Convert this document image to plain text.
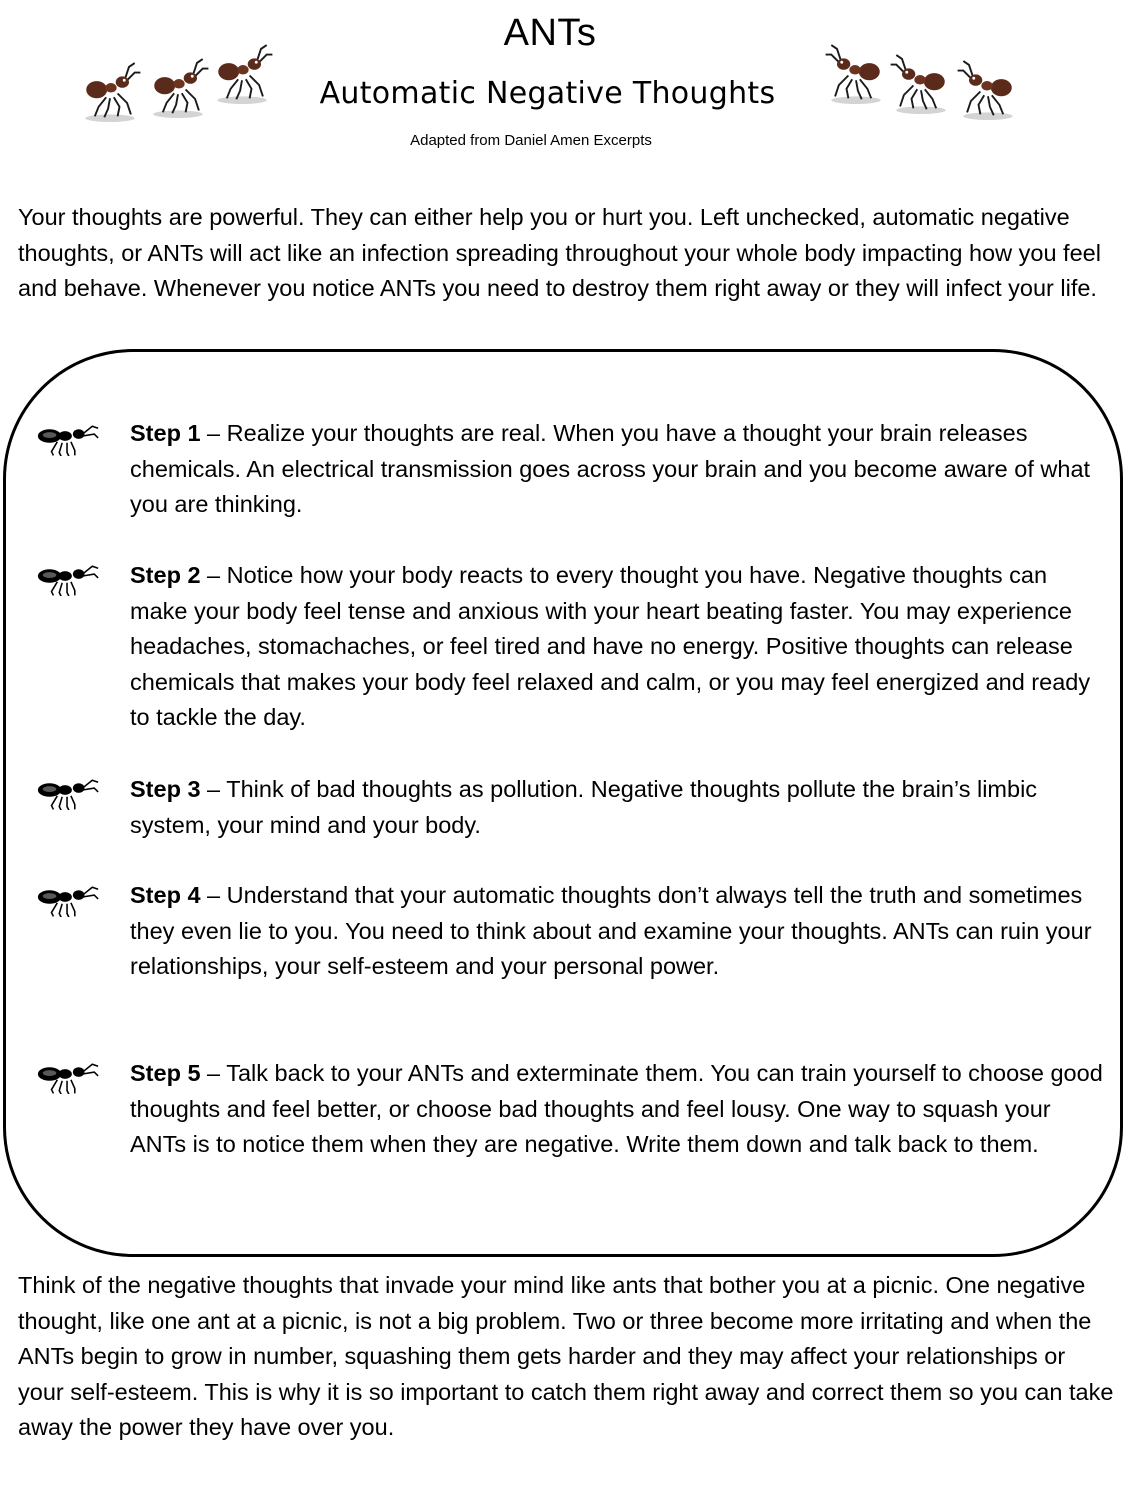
ANTs
Automatic Negative Thoughts
Adapted from Daniel Amen Excerpts
Your thoughts are powerful. They can either help you or hurt you. Left unchecked, automatic negative thoughts, or ANTs will act like an infection spreading throughout your whole body impacting how you feel and behave. Whenever you notice ANTs you need to destroy them right away or they will infect your life.
Step 1 – Realize your thoughts are real. When you have a thought your brain releases chemicals. An electrical transmission goes across your brain and you become aware of what you are thinking.
Step 2 – Notice how your body reacts to every thought you have. Negative thoughts can make your body feel tense and anxious with your heart beating faster. You may experience headaches, stomachaches, or feel tired and have no energy. Positive thoughts can release chemicals that makes your body feel relaxed and calm, or you may feel energized and ready to tackle the day.
Step 3 – Think of bad thoughts as pollution. Negative thoughts pollute the brain’s limbic system, your mind and your body.
Step 4 – Understand that your automatic thoughts don’t always tell the truth and sometimes they even lie to you. You need to think about and examine your thoughts. ANTs can ruin your relationships, your self-esteem and your personal power.
Step 5 – Talk back to your ANTs and exterminate them. You can train yourself to choose good thoughts and feel better, or choose bad thoughts and feel lousy. One way to squash your ANTs is to notice them when they are negative. Write them down and talk back to them.
Think of the negative thoughts that invade your mind like ants that bother you at a picnic. One negative thought, like one ant at a picnic, is not a big problem. Two or three become more irritating and when the ANTs begin to grow in number, squashing them gets harder and they may affect your relationships or your self-esteem. This is why it is so important to catch them right away and correct them so you can take away the power they have over you.
